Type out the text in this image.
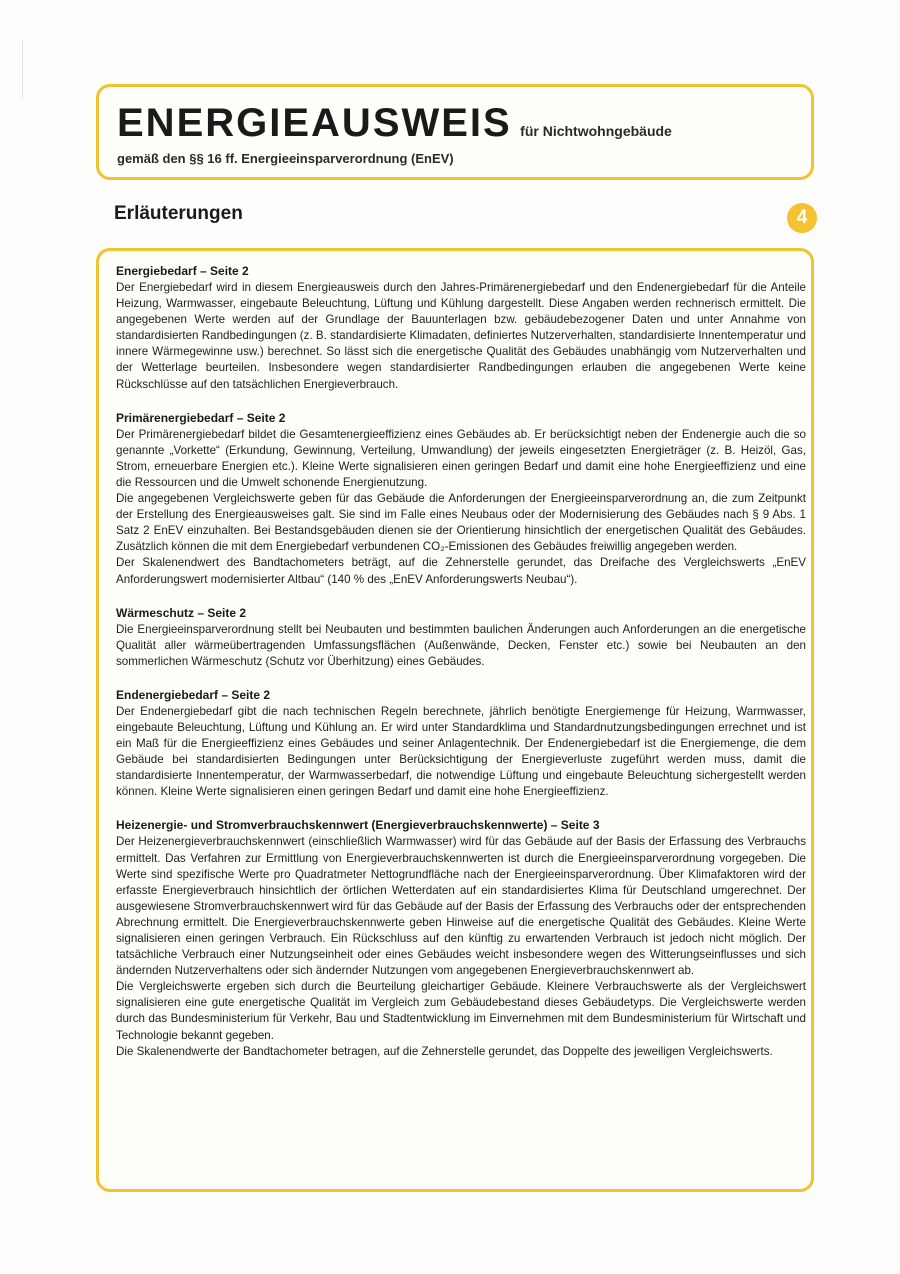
ENERGIEAUSWEIS für Nichtwohngebäude
gemäß den §§ 16 ff. Energieeinsparverordnung (EnEV)
Erläuterungen	4
Energiebedarf – Seite 2

Der Energiebedarf wird in diesem Energieausweis durch den Jahres-Primärenergiebedarf und den Endenergiebedarf für die Anteile Heizung, Warmwasser, eingebaute Beleuchtung, Lüftung und Kühlung dargestellt. Diese Angaben werden rechnerisch ermittelt. Die angegebenen Werte werden auf der Grundlage der Bauunterlagen bzw. gebäudebezogener Daten und unter Annahme von standardisierten Randbedingungen (z. B. standardisierte Klimadaten, definiertes Nutzerverhalten, standardisierte Innentemperatur und innere Wärmegewinne usw.) berechnet. So lässt sich die energetische Qualität des Gebäudes unabhängig vom Nutzerverhalten und der Wetterlage beurteilen. Insbesondere wegen standardisierter Randbedingungen erlauben die angegebenen Werte keine Rückschlüsse auf den tatsächlichen Energieverbrauch.

Primärenergiebedarf – Seite 2

Der Primärenergiebedarf bildet die Gesamtenergieeffizienz eines Gebäudes ab. Er berücksichtigt neben der Endenergie auch die so genannte „Vorkette“ (Erkundung, Gewinnung, Verteilung, Umwandlung) der jeweils eingesetzten Energieträger (z. B. Heizöl, Gas, Strom, erneuerbare Energien etc.). Kleine Werte signalisieren einen geringen Bedarf und damit eine hohe Energieeffizienz und eine die Ressourcen und die Umwelt schonende Energienutzung.

Die angegebenen Vergleichswerte geben für das Gebäude die Anforderungen der Energieeinsparverordnung an, die zum Zeitpunkt der Erstellung des Energieausweises galt. Sie sind im Falle eines Neubaus oder der Modernisierung des Gebäudes nach § 9 Abs. 1 Satz 2 EnEV einzuhalten. Bei Bestandsgebäuden dienen sie der Orientierung hinsichtlich der energetischen Qualität des Gebäudes. Zusätzlich können die mit dem Energiebedarf verbundenen CO₂-Emissionen des Gebäudes freiwillig angegeben werden.

Der Skalenendwert des Bandtachometers beträgt, auf die Zehnerstelle gerundet, das Dreifache des Vergleichswerts „EnEV Anforderungswert modernisierter Altbau“ (140 % des „EnEV Anforderungswerts Neubau“).

Wärmeschutz – Seite 2

Die Energieeinsparverordnung stellt bei Neubauten und bestimmten baulichen Änderungen auch Anforderungen an die energetische Qualität aller wärmeübertragenden Umfassungsflächen (Außenwände, Decken, Fenster etc.) sowie bei Neubauten an den sommerlichen Wärmeschutz (Schutz vor Überhitzung) eines Gebäudes.

Endenergiebedarf – Seite 2

Der Endenergiebedarf gibt die nach technischen Regeln berechnete, jährlich benötigte Energiemenge für Heizung, Warmwasser, eingebaute Beleuchtung, Lüftung und Kühlung an. Er wird unter Standardklima und Standardnutzungsbedingungen errechnet und ist ein Maß für die Energieeffizienz eines Gebäudes und seiner Anlagentechnik. Der Endenergiebedarf ist die Energiemenge, die dem Gebäude bei standardisierten Bedingungen unter Berücksichtigung der Energieverluste zugeführt werden muss, damit die standardisierte Innentemperatur, der Warmwasserbedarf, die notwendige Lüftung und eingebaute Beleuchtung sichergestellt werden können. Kleine Werte signalisieren einen geringen Bedarf und damit eine hohe Energieeffizienz.

Heizenergie- und Stromverbrauchskennwert (Energieverbrauchskennwerte) – Seite 3

Der Heizenergieverbrauchskennwert (einschließlich Warmwasser) wird für das Gebäude auf der Basis der Erfassung des Verbrauchs ermittelt. Das Verfahren zur Ermittlung von Energieverbrauchskennwerten ist durch die Energieeinsparverordnung vorgegeben. Die Werte sind spezifische Werte pro Quadratmeter Nettogrundfläche nach der Energieeinsparverordnung. Über Klimafaktoren wird der erfasste Energieverbrauch hinsichtlich der örtlichen Wetterdaten auf ein standardisiertes Klima für Deutschland umgerechnet. Der ausgewiesene Stromverbrauchskennwert wird für das Gebäude auf der Basis der Erfassung des Verbrauchs oder der entsprechenden Abrechnung ermittelt. Die Energieverbrauchskennwerte geben Hinweise auf die energetische Qualität des Gebäudes. Kleine Werte signalisieren einen geringen Verbrauch. Ein Rückschluss auf den künftig zu erwartenden Verbrauch ist jedoch nicht möglich. Der tatsächliche Verbrauch einer Nutzungseinheit oder eines Gebäudes weicht insbesondere wegen des Witterungseinflusses und sich ändernden Nutzerverhaltens oder sich ändernder Nutzungen vom angegebenen Energieverbrauchskennwert ab.

Die Vergleichswerte ergeben sich durch die Beurteilung gleichartiger Gebäude. Kleinere Verbrauchswerte als der Vergleichswert signalisieren eine gute energetische Qualität im Vergleich zum Gebäudebestand dieses Gebäudetyps. Die Vergleichswerte werden durch das Bundesministerium für Verkehr, Bau und Stadtentwicklung im Einvernehmen mit dem Bundesministerium für Wirtschaft und Technologie bekannt gegeben.

Die Skalenendwerte der Bandtachometer betragen, auf die Zehnerstelle gerundet, das Doppelte des jeweiligen Vergleichswerts.
